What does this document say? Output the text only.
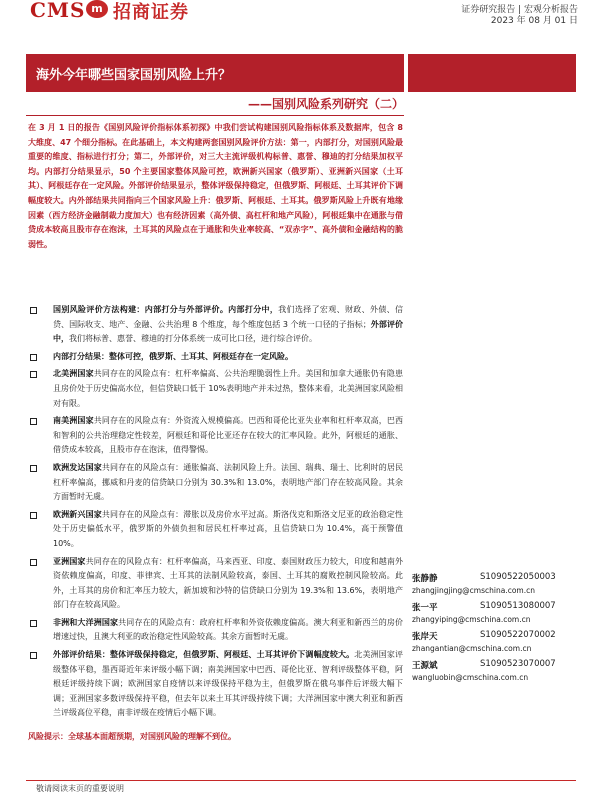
CMS m 招商证券	证券研究报告 | 宏观分析报告
2023 年 08 月 01 日
海外今年哪些国家国别风险上升？
——国别风险系列研究（二）
在 3 月 1 日的报告《国别风险评价指标体系初探》中我们尝试构建国别风险指标体系及数据库，包含 8 大维度、47 个细分指标。在此基础上，本文构建两套国别风险评价方法：第一，内部打分，对国别风险最重要的维度、指标进行打分；第二，外部评价，对三大主流评级机构标普、惠誉、穆迪的打分结果加权平均。内部打分结果显示，50 个主要国家整体风险可控，欧洲新兴国家（俄罗斯）、亚洲新兴国家（土耳其）、阿根廷存在一定风险。外部评价结果显示，整体评级保持稳定，但俄罗斯、阿根廷、土耳其评价下调幅度较大。内外部结果共同指向三个国家风险上升：俄罗斯、阿根廷、土耳其。俄罗斯风险上升既有地缘因素（西方经济金融制裁力度加大）也有经济因素（高外债、高杠杆和地产风险），阿根廷集中在通胀与借贷成本较高且股市存在泡沫，土耳其的风险点在于通胀和失业率较高、“双赤字”、高外债和金融结构的脆弱性。
国别风险评价方法构建：内部打分与外部评价。内部打分中，我们选择了宏观、财政、外债、信贷、国际收支、地产、金融、公共治理 8 个维度，每个维度包括 3 个统一口径的子指标；外部评价中，我们将标普、惠誉、穆迪的打分体系统一成可比口径，进行综合评价。
内部打分结果：整体可控，俄罗斯、土耳其、阿根廷存在一定风险。
北美洲国家共同存在的风险点有：杠杆率偏高、公共治理脆弱性上升。美国和加拿大通胀仍有隐患且房价处于历史偏高水位，但信贷缺口低于 10%表明地产并未过热，整体来看，北美洲国家风险相对有限。
南美洲国家共同存在的风险点有：外资流入规模偏高。巴西和哥伦比亚失业率和杠杆率双高，巴西和智利的公共治理稳定性较差，阿根廷和哥伦比亚还存在较大的汇率风险。此外，阿根廷的通胀、借贷成本较高，且股市存在泡沫，值得警惕。
欧洲发达国家共同存在的风险点有：通胀偏高、法制风险上升。法国、瑞典、瑞士、比利时的居民杠杆率偏高，挪威和丹麦的信贷缺口分别为 30.3%和 13.0%，表明地产部门存在较高风险。其余方面暂时无虞。
欧洲新兴国家共同存在的风险点有：滞胀以及房价水平过高。斯洛伐克和斯洛文尼亚的政治稳定性处于历史偏低水平，俄罗斯的外债负担和居民杠杆率过高，且信贷缺口为 10.4%，高于预警值 10%。
亚洲国家共同存在的风险点有：杠杆率偏高，马来西亚、印度、泰国财政压力较大，印度和越南外资依赖度偏高，印度、菲律宾、土耳其的法制风险较高，泰国、土耳其的腐败控制风险较高。此外，土耳其的房价和汇率压力较大，新加坡和沙特的信贷缺口分别为 19.3%和 13.6%，表明地产部门存在较高风险。
非洲和大洋洲国家共同存在的风险点有：政府杠杆率和外资依赖度偏高。澳大利亚和新西兰的房价增速过快，且澳大利亚的政治稳定性风险较高。其余方面暂时无虞。
外部评价结果：整体评级保持稳定，但俄罗斯、阿根廷、土耳其评价下调幅度较大。北美洲国家评级整体平稳，墨西哥近年来评级小幅下调；南美洲国家中巴西、哥伦比亚、智利评级整体平稳，阿根廷评级持续下调；欧洲国家自疫情以来评级保持平稳为主，但俄罗斯在俄乌事件后评级大幅下调；亚洲国家多数评级保持平稳，但去年以来土耳其评级持续下调；大洋洲国家中澳大利亚和新西兰评级高位平稳，南非评级在疫情后小幅下调。
风险提示：全球基本面超预期，对国别风险的理解不到位。
张静静	S1090522050003
zhangjingjing@cmschina.com.cn
张一平	S1090513080007
zhangyiping@cmschina.com.cn
张岸天	S1090522070002
zhangantian@cmschina.com.cn
王源斌	S1090523070007
wangluobin@cmschina.com.cn
敬请阅读末页的重要说明
